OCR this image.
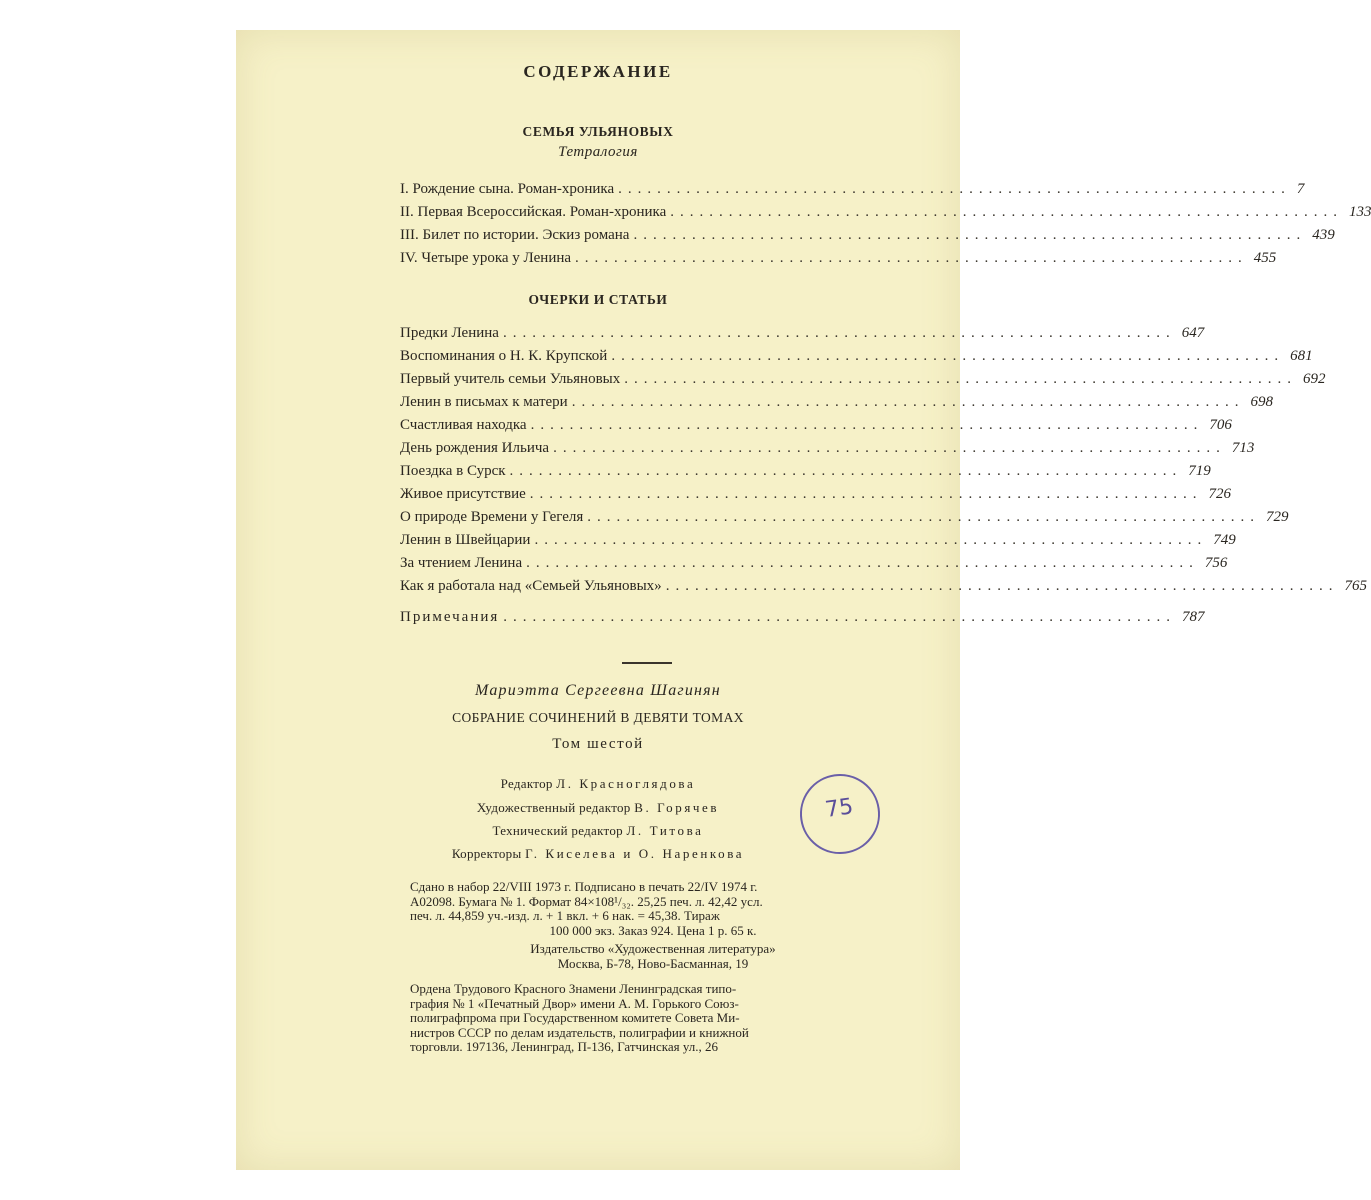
СОДЕРЖАНИЕ
СЕМЬЯ УЛЬЯНОВЫХ
Тетралогия
I. Рождение сына. Роман-хроника ..................................................................... 7
II. Первая Всероссийская. Роман-хроника ..................................................................... 133
III. Билет по истории. Эскиз романа ..................................................................... 439
IV. Четыре урока у Ленина ..................................................................... 455
ОЧЕРКИ И СТАТЬИ
Предки Ленина ..................................................................... 647
Воспоминания о Н. К. Крупской ..................................................................... 681
Первый учитель семьи Ульяновых ..................................................................... 692
Ленин в письмах к матери ..................................................................... 698
Счастливая находка ..................................................................... 706
День рождения Ильича ..................................................................... 713
Поездка в Сурск ..................................................................... 719
Живое присутствие ..................................................................... 726
О природе Времени у Гегеля ..................................................................... 729
Ленин в Швейцарии ..................................................................... 749
За чтением Ленина ..................................................................... 756
Как я работала над «Семьей Ульяновых» ..................................................................... 765
Примечания ..................................................................... 787
Мариэтта Сергеевна Шагинян
СОБРАНИЕ СОЧИНЕНИЙ В ДЕВЯТИ ТОМАХ
Том шестой
Редактор Л. Красноглядова
Художественный редактор В. Горячев
Технический редактор Л. Титова
Корректоры Г. Киселева и О. Наренкова
Сдано в набор 22/VIII 1973 г. Подписано в печать 22/IV 1974 г.
А02098. Бумага № 1. Формат 84×108¹/₃₂. 25,25 печ. л. 42,42 усл.
печ. л. 44,859 уч.-изд. л. + 1 вкл. + 6 нак. = 45,38. Тираж
100 000 экз. Заказ 924. Цена 1 р. 65 к.
Издательство «Художественная литература»
Москва, Б-78, Ново-Басманная, 19
Ордена Трудового Красного Знамени Ленинградская типо-
графия № 1 «Печатный Двор» имени А. М. Горького Союз-
полиграфпрома при Государственном комитете Совета Ми-
нистров СССР по делам издательств, полиграфии и книжной
торговли. 197136, Ленинград, П-136, Гатчинская ул., 26
75
